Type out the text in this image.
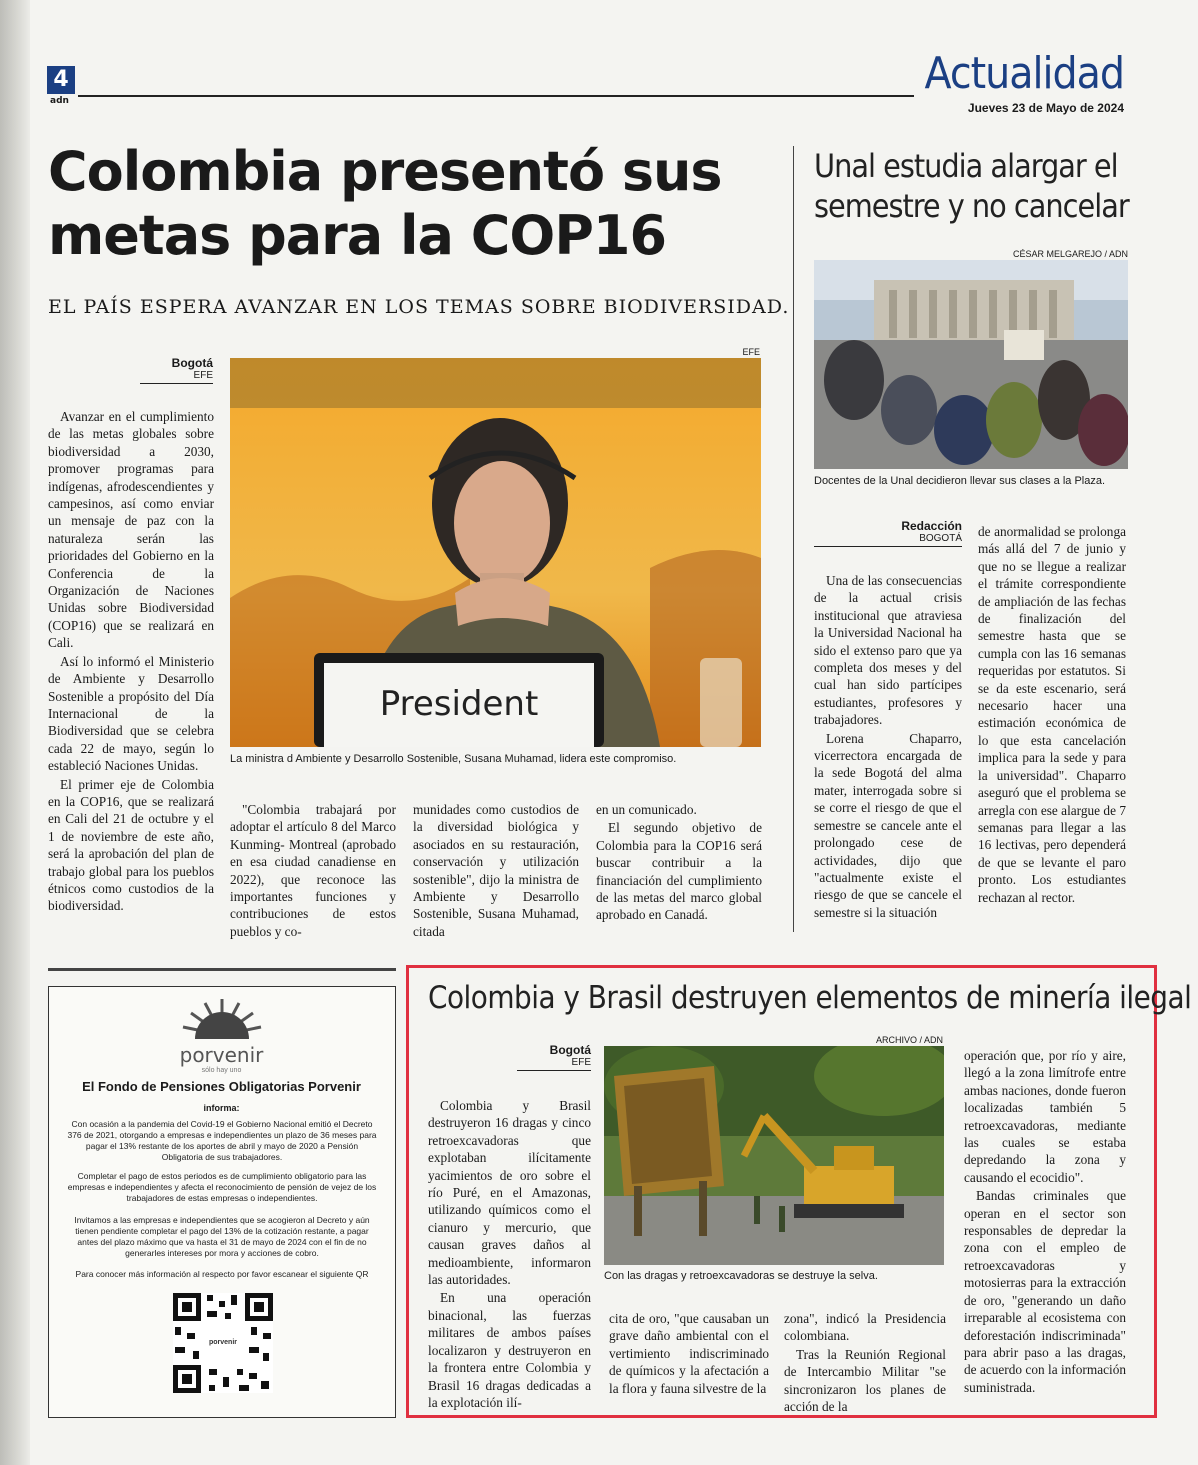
4
adn
Actualidad
Jueves 23 de Mayo de 2024
Colombia presentó sus metas para la COP16
EL PAÍS ESPERA AVANZAR EN LOS TEMAS SOBRE BIODIVERSIDAD.
Bogotá
EFE
EFE
President
La ministra d Ambiente y Desarrollo Sostenible, Susana Muhamad, lidera este compromiso.

Avanzar en el cumplimiento de las metas globales sobre biodiversidad a 2030, promover programas para indígenas, afrodescendientes y campesinos, así como enviar un mensaje de paz con la naturaleza serán las prioridades del Gobierno en la Conferencia de la Organización de Naciones Unidas sobre Biodiversidad (COP16) que se realizará en Cali.

Así lo informó el Ministerio de Ambiente y Desarrollo Sostenible a propósito del Día Internacional de la Biodiversidad que se celebra cada 22 de mayo, según lo estableció Naciones Unidas.

El primer eje de Colombia en la COP16, que se realizará en Cali del 21 de octubre y el 1 de noviembre de este año, será la aprobación del plan de trabajo global para los pueblos étnicos como custodios de la biodiversidad.

"Colombia trabajará por adoptar el artículo 8 del Marco Kunming- Montreal (aprobado en esa ciudad canadiense en 2022), que reconoce las importantes funciones y contribuciones de estos pueblos y co-

munidades como custodios de la diversidad biológica y asociados en su restauración, conservación y utilización sostenible", dijo la ministra de Ambiente y Desarrollo Sostenible, Susana Muhamad, citada

en un comunicado.

El segundo objetivo de Colombia para la COP16 será buscar contribuir a la financiación del cumplimiento de las metas del marco global aprobado en Canadá.

Unal estudia alargar el semestre y no cancelar
CÉSAR MELGAREJO / ADN
Docentes de la Unal decidieron llevar sus clases a la Plaza.
Redacción
BOGOTÁ

Una de las consecuencias de la actual crisis institucional que atraviesa la Universidad Nacional ha sido el extenso paro que ya completa dos meses y del cual han sido partícipes estudiantes, profesores y trabajadores.

Lorena Chaparro, vicerrectora encargada de la sede Bogotá del alma mater, interrogada sobre si se corre el riesgo de que el semestre se cancele ante el prolongado cese de actividades, dijo que "actualmente existe el riesgo de que se cancele el semestre si la situación

de anormalidad se prolonga más allá del 7 de junio y que no se llegue a realizar el trámite correspondiente de ampliación de las fechas de finalización del semestre hasta que se cumpla con las 16 semanas requeridas por estatutos. Si se da este escenario, será necesario hacer una estimación económica de lo que esta cancelación implica para la sede y para la universidad". Chaparro aseguró que el problema se arregla con ese alargue de 7 semanas para llegar a las 16 lectivas, pero dependerá de que se levante el paro pronto. Los estudiantes rechazan al rector.

porvenir
sólo hay uno
El Fondo de Pensiones Obligatorias Porvenir
informa:
Con ocasión a la pandemia del Covid-19 el Gobierno Nacional emitió el Decreto 376 de 2021, otorgando a empresas e independientes un plazo de 36 meses para pagar el 13% restante de los aportes de abril y mayo de 2020 a Pensión Obligatoria de sus trabajadores.
Completar el pago de estos periodos es de cumplimiento obligatorio para las empresas e independientes y afecta el reconocimiento de pensión de vejez de los trabajadores de estas empresas o independientes.
Invitamos a las empresas e independientes que se acogieron al Decreto y aún tienen pendiente completar el pago del 13% de la cotización restante, a pagar antes del plazo máximo que va hasta el 31 de mayo de 2024 con el fin de no generarles intereses por mora y acciones de cobro.
Para conocer más información al respecto por favor escanear el siguiente QR
porvenir
Colombia y Brasil destruyen elementos de minería ilegal
Bogotá
EFE
ARCHIVO / ADN
Con las dragas y retroexcavadoras se destruye la selva.

Colombia y Brasil destruyeron 16 dragas y cinco retroexcavadoras que explotaban ilícitamente yacimientos de oro sobre el río Puré, en el Amazonas, utilizando químicos como el cianuro y mercurio, que causan graves daños al medioambiente, informaron las autoridades.

En una operación binacional, las fuerzas militares de ambos países localizaron y destruyeron en la frontera entre Colombia y Brasil 16 dragas dedicadas a la explotación ilí-

cita de oro, "que causaban un grave daño ambiental con el vertimiento indiscriminado de químicos y la afectación a la flora y fauna silvestre de la

zona", indicó la Presidencia colombiana.

Tras la Reunión Regional de Intercambio Militar "se sincronizaron los planes de acción de la

operación que, por río y aire, llegó a la zona limítrofe entre ambas naciones, donde fueron localizadas también 5 retroexcavadoras, mediante las cuales se estaba depredando la zona y causando el ecocidio".

Bandas criminales que operan en el sector son responsables de depredar la zona con el empleo de retroexcavadoras y motosierras para la extracción de oro, "generando un daño irreparable al ecosistema con deforestación indiscriminada" para abrir paso a las dragas, de acuerdo con la información suministrada.
